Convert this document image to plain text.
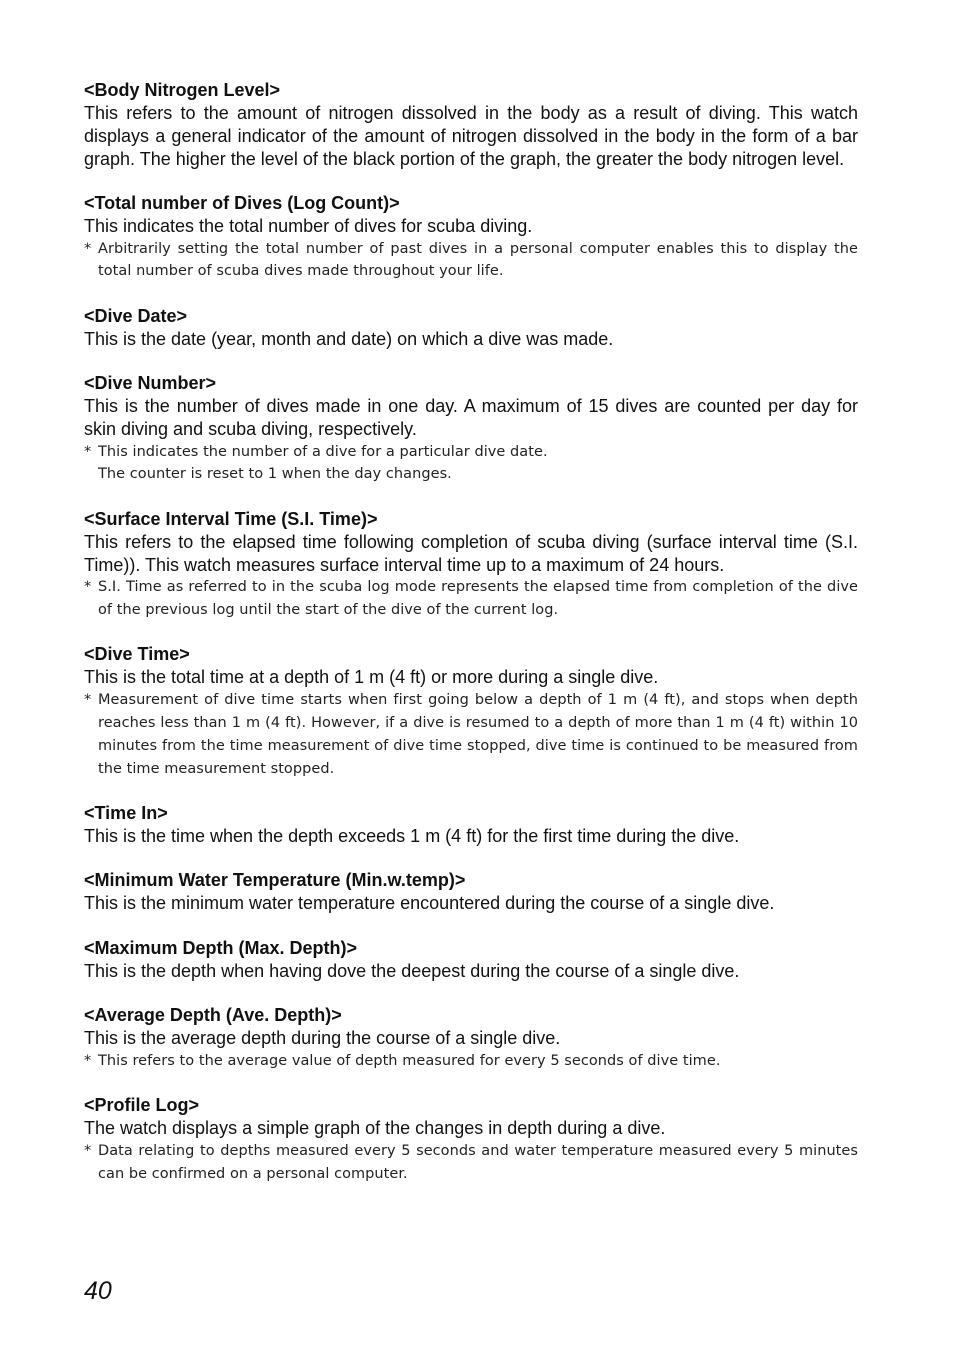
<Body Nitrogen Level>
This refers to the amount of nitrogen dissolved in the body as a result of diving. This watch displays a general indicator of the amount of nitrogen dissolved in the body in the form of a bar graph. The higher the level of the black portion of the graph, the greater the body nitrogen level.
<Total number of Dives (Log Count)>
This indicates the total number of dives for scuba diving.
* Arbitrarily setting the total number of past dives in a personal computer enables this to display the total number of scuba dives made throughout your life.
<Dive Date>
This is the date (year, month and date) on which a dive was made.
<Dive Number>
This is the number of dives made in one day. A maximum of 15 dives are counted per day for skin diving and scuba diving, respectively.
* This indicates the number of a dive for a particular dive date.
The counter is reset to 1 when the day changes.
<Surface Interval Time (S.I. Time)>
This refers to the elapsed time following completion of scuba diving (surface interval time (S.I. Time)). This watch measures surface interval time up to a maximum of 24 hours.
* S.I. Time as referred to in the scuba log mode represents the elapsed time from completion of the dive of the previous log until the start of the dive of the current log.
<Dive Time>
This is the total time at a depth of 1 m (4 ft) or more during a single dive.
* Measurement of dive time starts when first going below a depth of 1 m (4 ft), and stops when depth reaches less than 1 m (4 ft). However, if a dive is resumed to a depth of more than 1 m (4 ft) within 10 minutes from the time measurement of dive time stopped, dive time is continued to be measured from the time measurement stopped.
<Time In>
This is the time when the depth exceeds 1 m (4 ft) for the first time during the dive.
<Minimum Water Temperature (Min.w.temp)>
This is the minimum water temperature encountered during the course of a single dive.
<Maximum Depth (Max. Depth)>
This is the depth when having dove the deepest during the course of a single dive.
<Average Depth (Ave. Depth)>
This is the average depth during the course of a single dive.
* This refers to the average value of depth measured for every 5 seconds of dive time.
<Profile Log>
The watch displays a simple graph of the changes in depth during a dive.
* Data relating to depths measured every 5 seconds and water temperature measured every 5 minutes can be confirmed on a personal computer.
40
